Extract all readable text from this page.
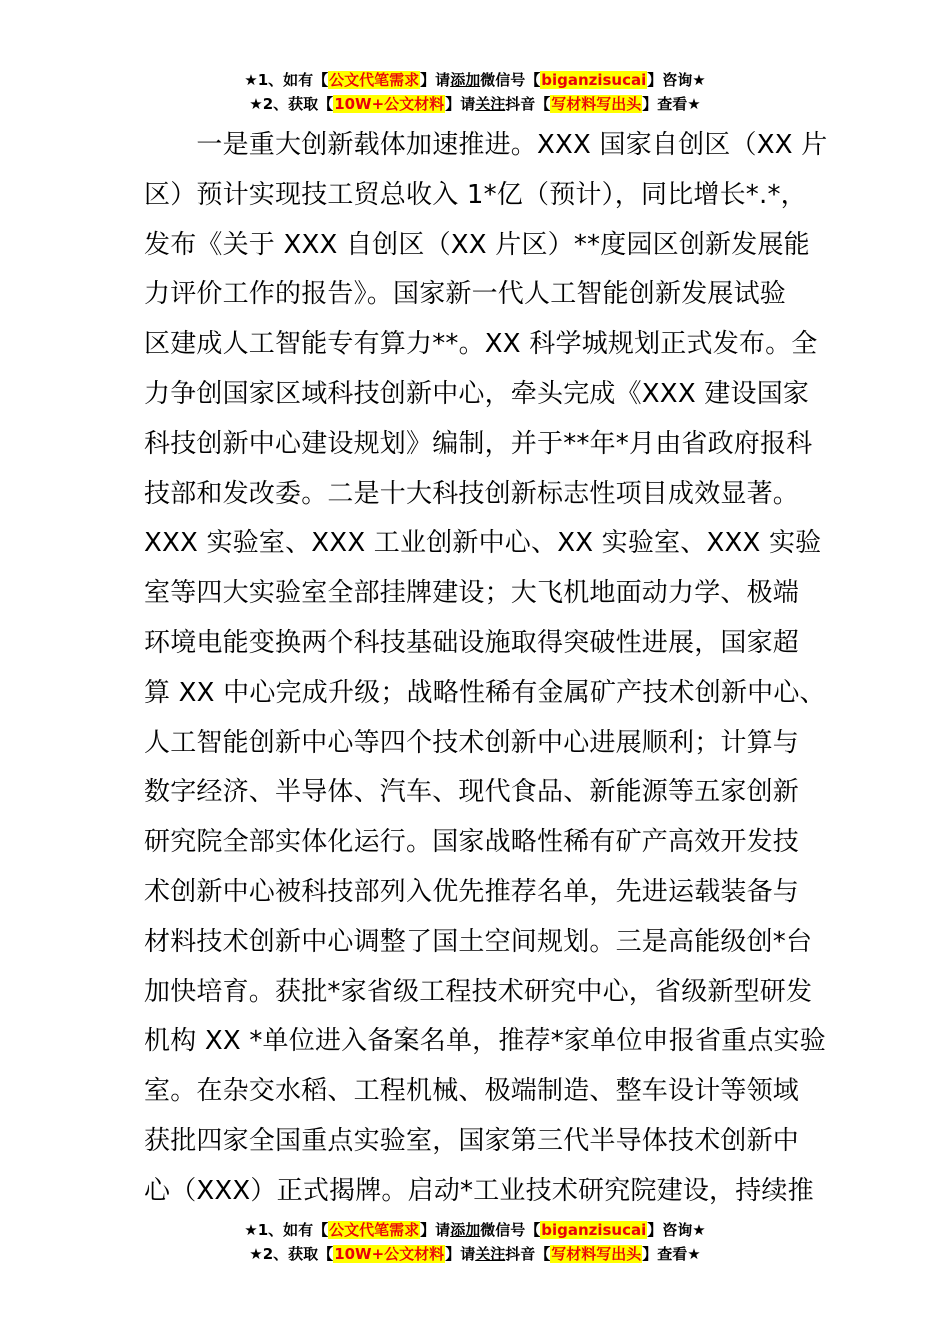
★1、如有【公文代笔需求】请添加微信号【biganzisucai】咨询★
★2、获取【10W+公文材料】请关注抖音【写材料写出头】查看★
　　一是重大创新载体加速推进。XXX 国家自创区（XX 片
区）预计实现技工贸总收入 1*亿（预计），同比增长*.*，
发布《关于 XXX 自创区（XX 片区）**度园区创新发展能
力评价工作的报告》。国家新一代人工智能创新发展试验
区建成人工智能专有算力**。XX 科学城规划正式发布。全
力争创国家区域科技创新中心，牵头完成《XXX 建设国家
科技创新中心建设规划》编制，并于**年*月由省政府报科
技部和发改委。二是十大科技创新标志性项目成效显著。
XXX 实验室、XXX 工业创新中心、XX 实验室、XXX 实验
室等四大实验室全部挂牌建设；大飞机地面动力学、极端
环境电能变换两个科技基础设施取得突破性进展，国家超
算 XX 中心完成升级；战略性稀有金属矿产技术创新中心、
人工智能创新中心等四个技术创新中心进展顺利；计算与
数字经济、半导体、汽车、现代食品、新能源等五家创新
研究院全部实体化运行。国家战略性稀有矿产高效开发技
术创新中心被科技部列入优先推荐名单，先进运载装备与
材料技术创新中心调整了国土空间规划。三是高能级创*台
加快培育。获批*家省级工程技术研究中心，省级新型研发
机构 XX *单位进入备案名单，推荐*家单位申报省重点实验
室。在杂交水稻、工程机械、极端制造、整车设计等领域
获批四家全国重点实验室，国家第三代半导体技术创新中
心（XXX）正式揭牌。启动*工业技术研究院建设，持续推
★1、如有【公文代笔需求】请添加微信号【biganzisucai】咨询★
★2、获取【10W+公文材料】请关注抖音【写材料写出头】查看★
